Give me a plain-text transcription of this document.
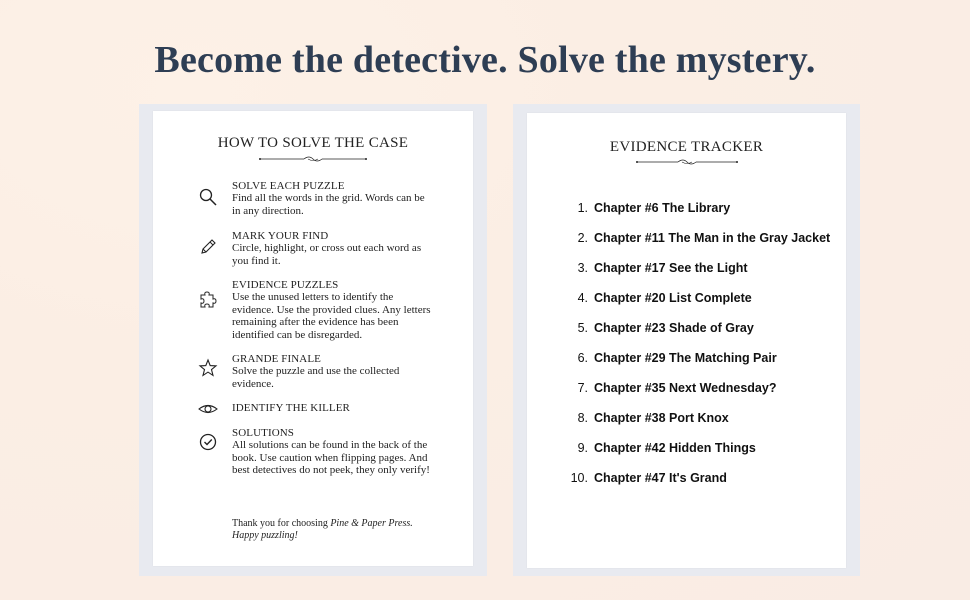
Become the detective. Solve the mystery.
HOW TO SOLVE THE CASE
SOLVE EACH PUZZLE
Find all the words in the grid. Words can be in any direction.
MARK YOUR FIND
Circle, highlight, or cross out each word as you find it.
EVIDENCE PUZZLES
Use the unused letters to identify the evidence. Use the provided clues. Any letters remaining after the evidence has been identified can be disregarded.
GRANDE FINALE
Solve the puzzle and use the collected evidence.
IDENTIFY THE KILLER
SOLUTIONS
All solutions can be found in the back of the book. Use caution when flipping pages. And best detectives do not peek, they only verify!
Thank you for choosing Pine & Paper Press.
Happy puzzling!
EVIDENCE TRACKER
1. Chapter #6 The Library
2. Chapter #11 The Man in the Gray Jacket
3. Chapter #17 See the Light
4. Chapter #20 List Complete
5. Chapter #23 Shade of Gray
6. Chapter #29 The Matching Pair
7. Chapter #35 Next Wednesday?
8. Chapter #38 Port Knox
9. Chapter #42 Hidden Things
10. Chapter #47 It's Grand
